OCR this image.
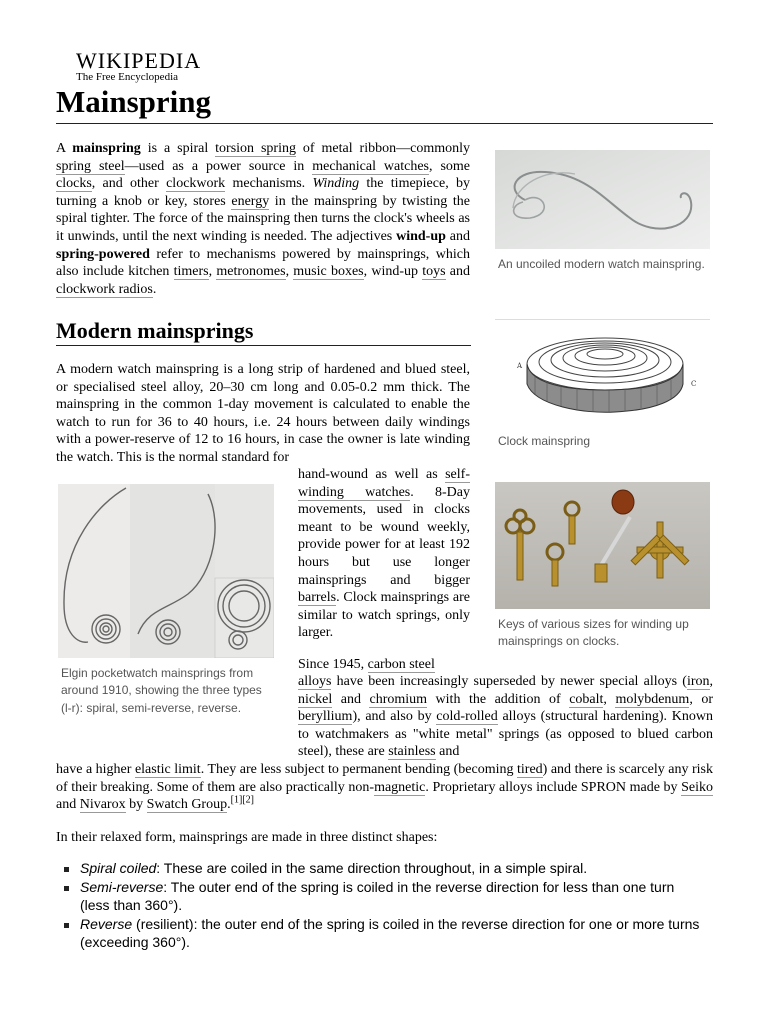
WIKIPEDIA
The Free Encyclopedia
Mainspring

A mainspring is a spiral torsion spring of metal ribbon—commonly spring steel—used as a power source in mechanical watches, some clocks, and other clockwork mechanisms. Winding the timepiece, by turning a knob or key, stores energy in the mainspring by twisting the spiral tighter. The force of the mainspring then turns the clock's wheels as it unwinds, until the next winding is needed. The adjectives wind-up and spring-powered refer to mechanisms powered by mainsprings, which also include kitchen timers, metronomes, music boxes, wind-up toys and clockwork radios.

Modern mainsprings

A modern watch mainspring is a long strip of hardened and blued steel, or specialised steel alloy, 20–30 cm long and 0.05-0.2 mm thick. The mainspring in the common 1-day movement is calculated to enable the watch to run for 36 to 40 hours, i.e. 24 hours between daily windings with a power-reserve of 12 to 16 hours, in case the owner is late winding the watch. This is the normal standard for

hand-wound as well as self-winding watches. 8-Day movements, used in clocks meant to be wound weekly, provide power for at least 192 hours but use longer mainsprings and bigger barrels. Clock mainsprings are similar to watch springs, only larger.

Since 1945, carbon steel

alloys have been increasingly superseded by newer special alloys (iron, nickel and chromium with the addition of cobalt, molybdenum, or beryllium), and also by cold-rolled alloys (structural hardening). Known to watchmakers as "white metal" springs (as opposed to blued carbon steel), these are stainless and

have a higher elastic limit. They are less subject to permanent bending (becoming tired) and there is scarcely any risk of their breaking. Some of them are also practically non-magnetic. Proprietary alloys include SPRON made by Seiko and Nivarox by Swatch Group.[1][2]

In their relaxed form, mainsprings are made in three distinct shapes:

Spiral coiled: These are coiled in the same direction throughout, in a simple spiral.
Semi-reverse: The outer end of the spring is coiled in the reverse direction for less than one turn (less than 360°).
Reverse (resilient): the outer end of the spring is coiled in the reverse direction for one or more turns (exceeding 360°).
An uncoiled modern watch mainspring.
A
C
Clock mainspring
Keys of various sizes for winding up mainsprings on clocks.
Elgin pocketwatch mainsprings from around 1910, showing the three types (l-r): spiral, semi-reverse, reverse.
